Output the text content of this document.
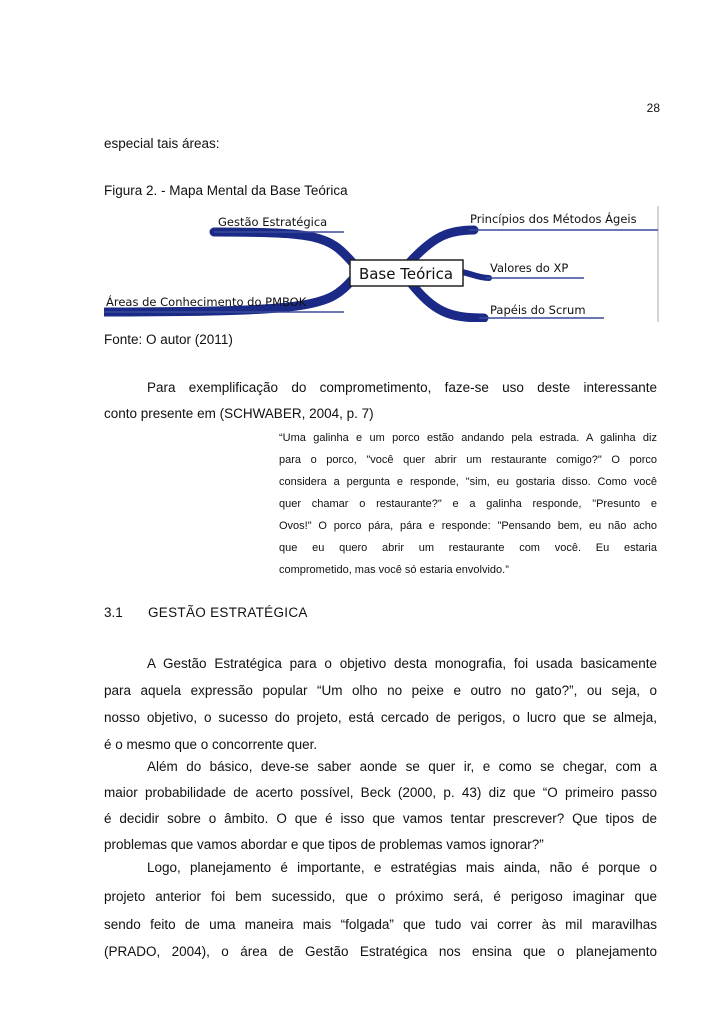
28
especial tais áreas:
Figura 2. - Mapa Mental da Base Teórica
Base Teórica
Gestão Estratégica
Áreas de Conhecimento do PMBOK
Princípios dos Métodos Ágeis
Valores do XP
Papéis do Scrum
Fonte: O autor (2011)
Para exemplificação do comprometimento, faze-se uso deste interessante
conto presente em (SCHWABER, 2004, p. 7)
“Uma galinha e um porco estão andando pela estrada. A galinha diz
para o porco, "você quer abrir um restaurante comigo?" O porco
considera a pergunta e responde, "sim, eu gostaria disso. Como você
quer chamar o restaurante?" e a galinha responde, "Presunto e
Ovos!" O porco pára, pára e responde: "Pensando bem, eu não acho
que eu quero abrir um restaurante com você. Eu estaria
comprometido, mas você só estaria envolvido.”
3.1 GESTÃO ESTRATÉGICA
A Gestão Estratégica para o objetivo desta monografia, foi usada basicamente
para aquela expressão popular “Um olho no peixe e outro no gato?”, ou seja, o
nosso objetivo, o sucesso do projeto, está cercado de perigos, o lucro que se almeja,
é o mesmo que o concorrente quer.
Além do básico, deve-se saber aonde se quer ir, e como se chegar, com a
maior probabilidade de acerto possível, Beck (2000, p. 43) diz que “O primeiro passo
é decidir sobre o âmbito. O que é isso que vamos tentar prescrever? Que tipos de
problemas que vamos abordar e que tipos de problemas vamos ignorar?”
Logo, planejamento é importante, e estratégias mais ainda, não é porque o
projeto anterior foi bem sucessido, que o próximo será, é perigoso imaginar que
sendo feito de uma maneira mais “folgada” que tudo vai correr às mil maravilhas
(PRADO, 2004), o área de Gestão Estratégica nos ensina que o planejamento
